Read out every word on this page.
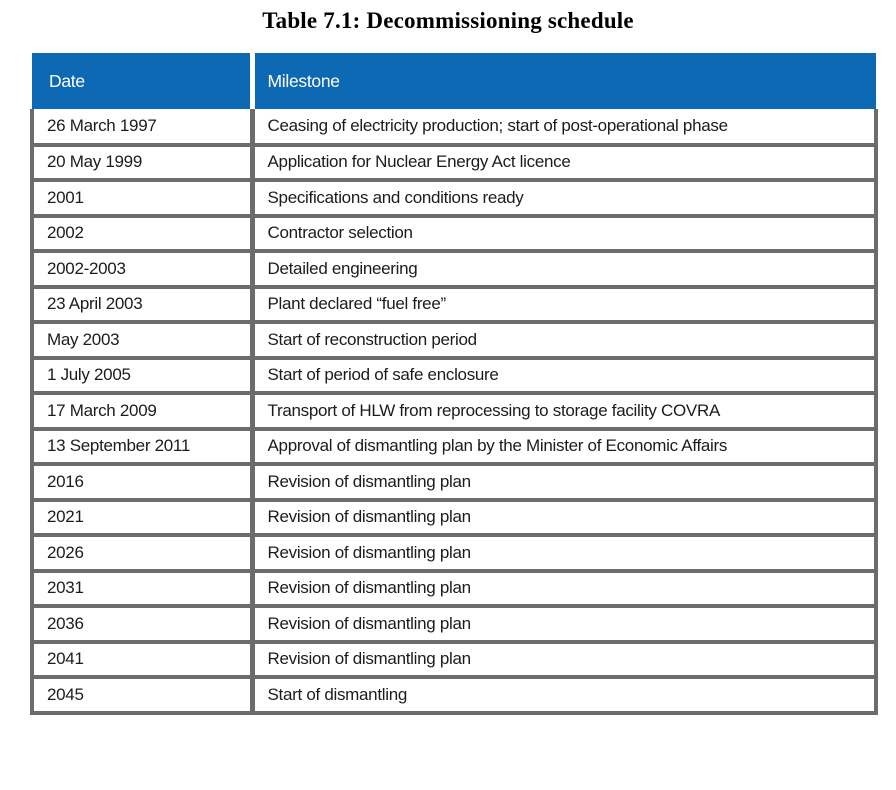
Table 7.1: Decommissioning schedule
Date	Milestone
26 March 1997	Ceasing of electricity production; start of post-operational phase
20 May 1999	Application for Nuclear Energy Act licence
2001	Specifications and conditions ready
2002	Contractor selection
2002-2003	Detailed engineering
23 April 2003	Plant declared “fuel free”
May 2003	Start of reconstruction period
1 July 2005	Start of period of safe enclosure
17 March 2009	Transport of HLW from reprocessing to storage facility COVRA
13 September 2011	Approval of dismantling plan by the Minister of Economic Affairs
2016	Revision of dismantling plan
2021	Revision of dismantling plan
2026	Revision of dismantling plan
2031	Revision of dismantling plan
2036	Revision of dismantling plan
2041	Revision of dismantling plan
2045	Start of dismantling
